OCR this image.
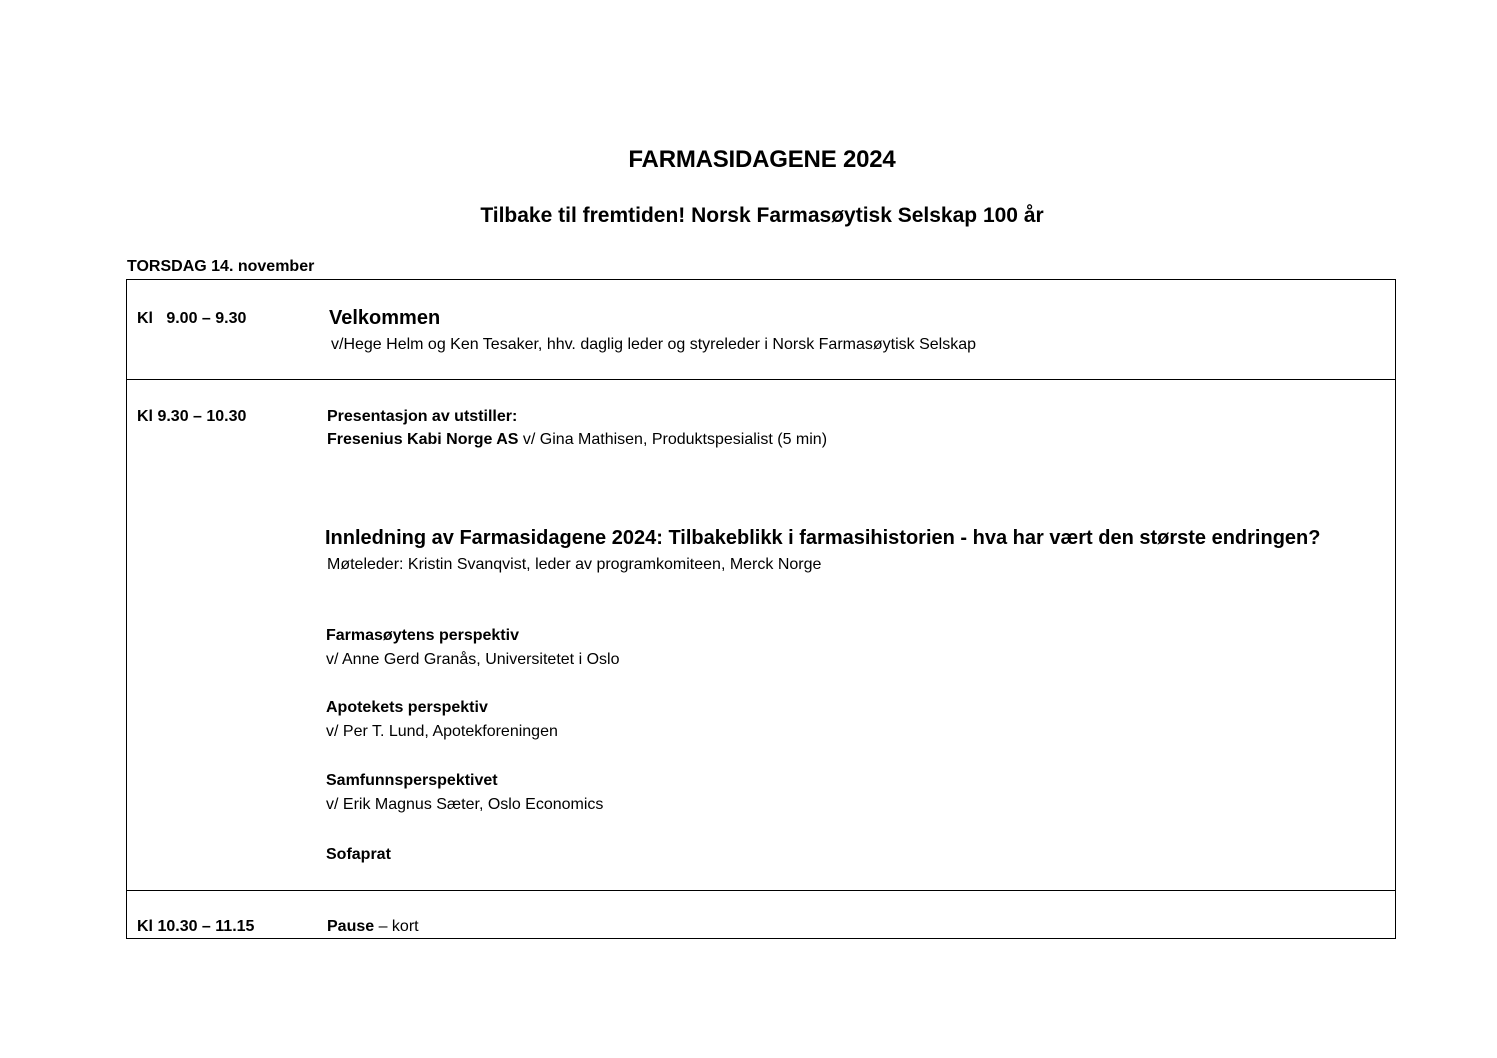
FARMASIDAGENE 2024
Tilbake til fremtiden! Norsk Farmasøytisk Selskap 100 år
TORSDAG 14. november
Kl   9.00 – 9.30	Velkommen
v/Hege Helm og Ken Tesaker, hhv. daglig leder og styreleder i Norsk Farmasøytisk Selskap
Kl 9.30 – 10.30	Presentasjon av utstiller:
Fresenius Kabi Norge AS v/ Gina Mathisen, Produktspesialist (5 min)
Innledning av Farmasidagene 2024: Tilbakeblikk i farmasihistorien - hva har vært den største endringen?
Møteleder: Kristin Svanqvist, leder av programkomiteen, Merck Norge
Farmasøytens perspektiv
v/ Anne Gerd Granås, Universitetet i Oslo
Apotekets perspektiv
v/ Per T. Lund, Apotekforeningen
Samfunnsperspektivet
v/ Erik Magnus Sæter, Oslo Economics
Sofaprat
Kl 10.30 – 11.15	Pause – kort
